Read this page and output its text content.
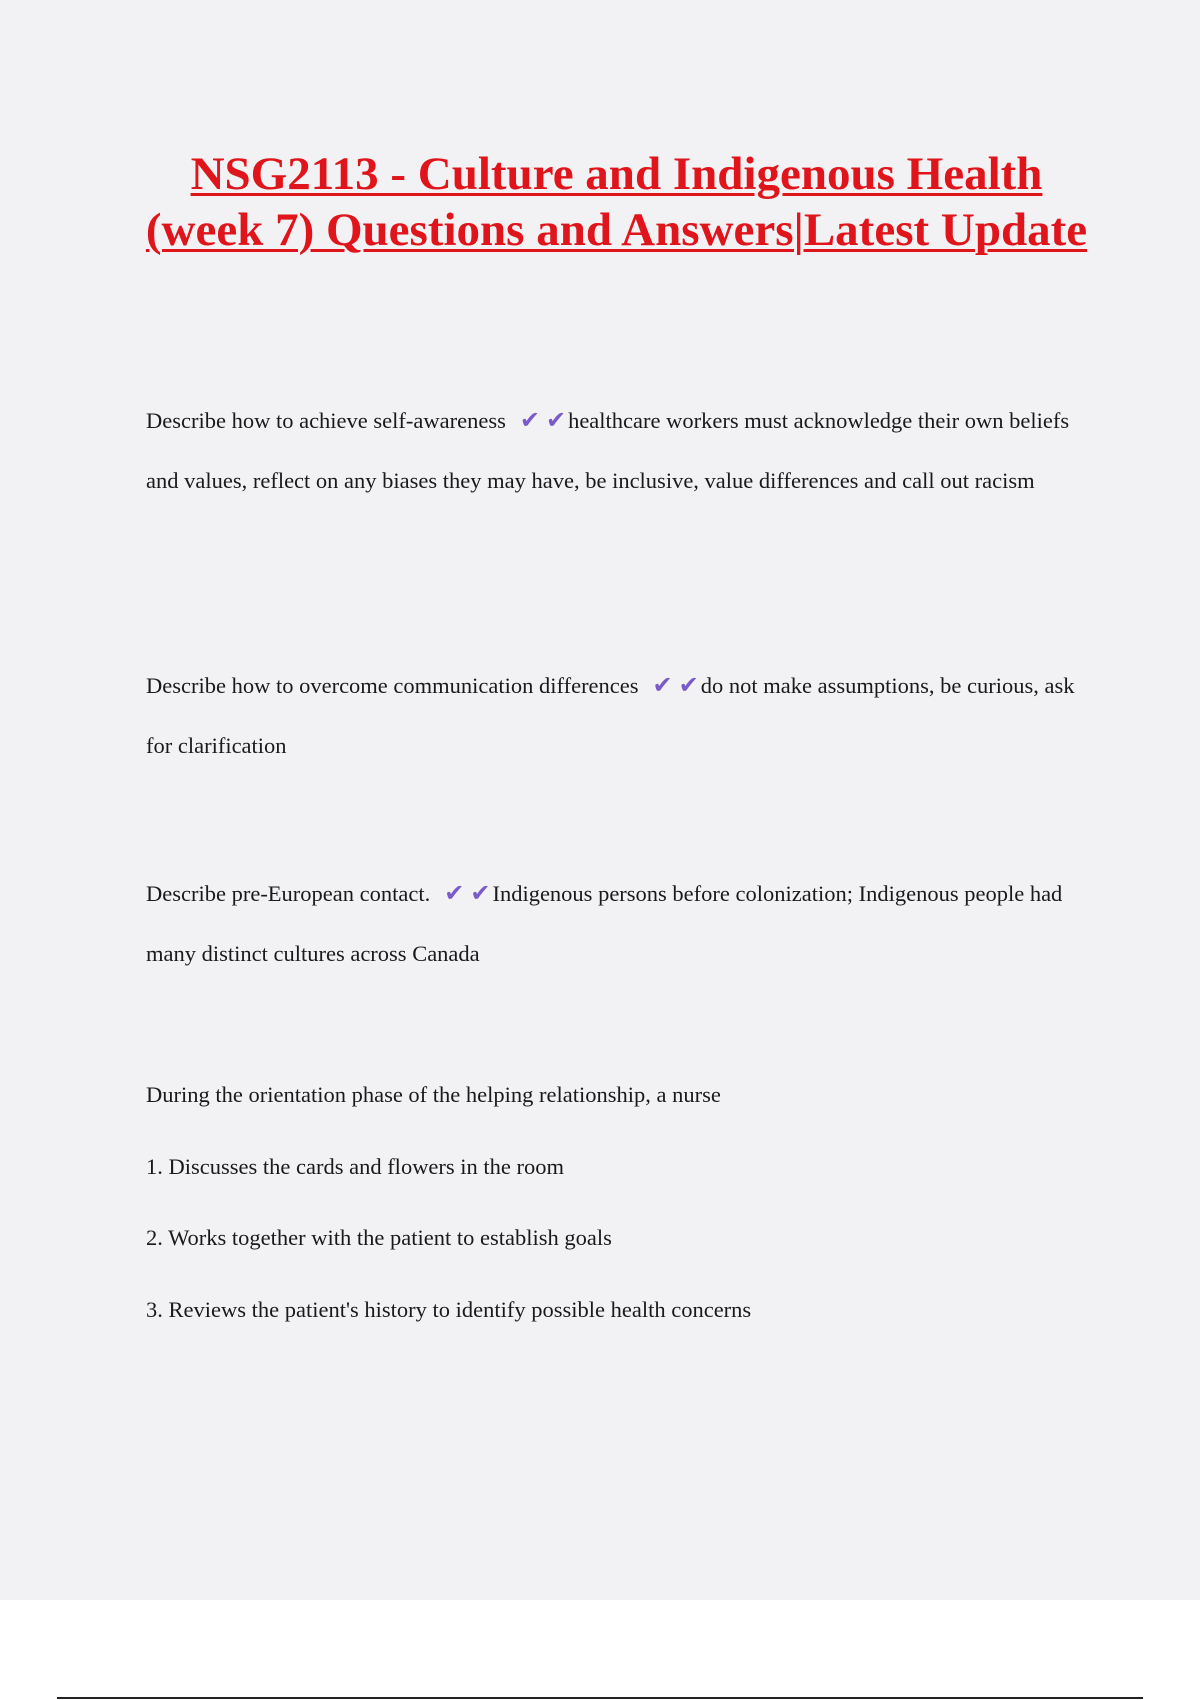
NSG2113 - Culture and Indigenous Health (week 7) Questions and Answers|Latest Update

Describe how to achieve self-awareness ✔ ✔healthcare workers must acknowledge their own beliefs and values, reflect on any biases they may have, be inclusive, value differences and call out racism

Describe how to overcome communication differences ✔ ✔do not make assumptions, be curious, ask for clarification

Describe pre-European contact. ✔ ✔Indigenous persons before colonization; Indigenous people had many distinct cultures across Canada

During the orientation phase of the helping relationship, a nurse

1. Discusses the cards and flowers in the room

2. Works together with the patient to establish goals

3. Reviews the patient's history to identify possible health concerns
